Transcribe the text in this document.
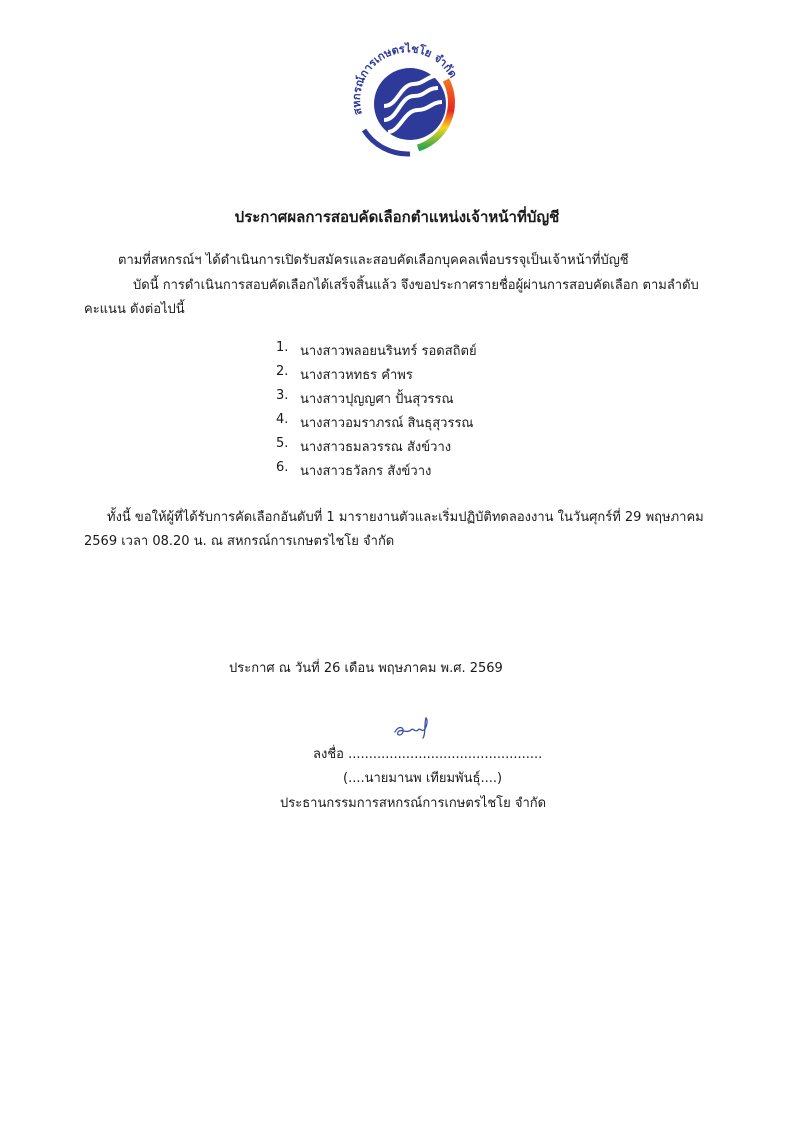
สหกรณ์การเกษตรไชโย จำกัด
ประกาศผลการสอบคัดเลือกตำแหน่งเจ้าหน้าที่บัญชี
ตามที่สหกรณ์ฯ ได้ดำเนินการเปิดรับสมัครและสอบคัดเลือกบุคคลเพื่อบรรจุเป็นเจ้าหน้าที่บัญชี
บัดนี้ การดำเนินการสอบคัดเลือกได้เสร็จสิ้นแล้ว จึงขอประกาศรายชื่อผู้ผ่านการสอบคัดเลือก ตามลำดับ
คะแนน ดังต่อไปนี้
1. นางสาวพลอยนรินทร์ รอดสถิตย์
2. นางสาวหทธร คำพร
3. นางสาวปุญญศา ปั้นสุวรรณ
4. นางสาวอมราภรณ์ สินธุสุวรรณ
5. นางสาวธมลวรรณ สังข์วาง
6. นางสาวธวัลกร สังข์วาง
ทั้งนี้ ขอให้ผู้ที่ได้รับการคัดเลือกอันดับที่ 1 มารายงานตัวและเริ่มปฏิบัติทดลองงาน ในวันศุกร์ที่ 29 พฤษภาคม
2569 เวลา 08.20 น. ณ สหกรณ์การเกษตรไชโย จำกัด
ประกาศ ณ วันที่ 26 เดือน พฤษภาคม พ.ศ. 2569
ลงชื่อ ...............................................
(....นายมานพ เทียมพันธุ์....)
ประธานกรรมการสหกรณ์การเกษตรไชโย จำกัด
